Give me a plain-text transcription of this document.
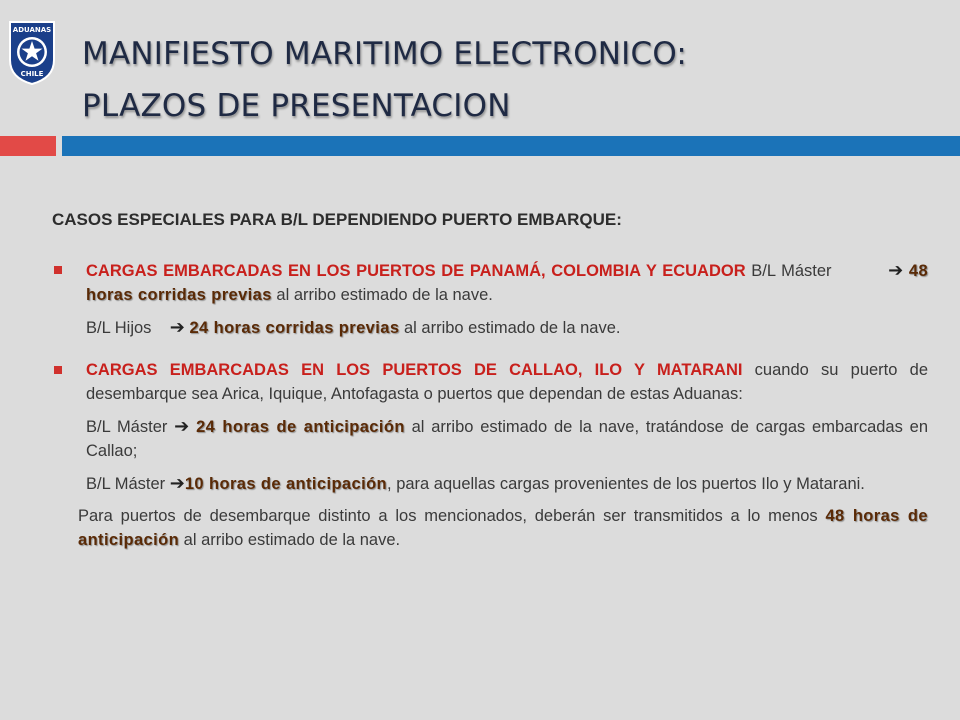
ADUANAS
CHILE
MANIFIESTO MARITIMO ELECTRONICO:
PLAZOS DE PRESENTACION
CASOS ESPECIALES PARA B/L DEPENDIENDO PUERTO EMBARQUE:
CARGAS EMBARCADAS EN LOS PUERTOS DE PANAMÁ, COLOMBIA Y ECUADOR B/L Máster	➔ 48 horas corridas previas al arribo estimado de la nave.
B/L Hijos ➔ 24 horas corridas previas al arribo estimado de la nave.
CARGAS EMBARCADAS EN LOS PUERTOS DE CALLAO, ILO Y MATARANI cuando su puerto de desembarque sea Arica, Iquique, Antofagasta o puertos que dependan de estas Aduanas:
B/L Máster ➔ 24 horas de anticipación al arribo estimado de la nave, tratándose de cargas embarcadas en Callao;
B/L Máster ➔10 horas de anticipación, para aquellas cargas provenientes de los puertos Ilo y Matarani.
Para puertos de desembarque distinto a los mencionados, deberán ser transmitidos a lo menos 48 horas de anticipación al arribo estimado de la nave.
